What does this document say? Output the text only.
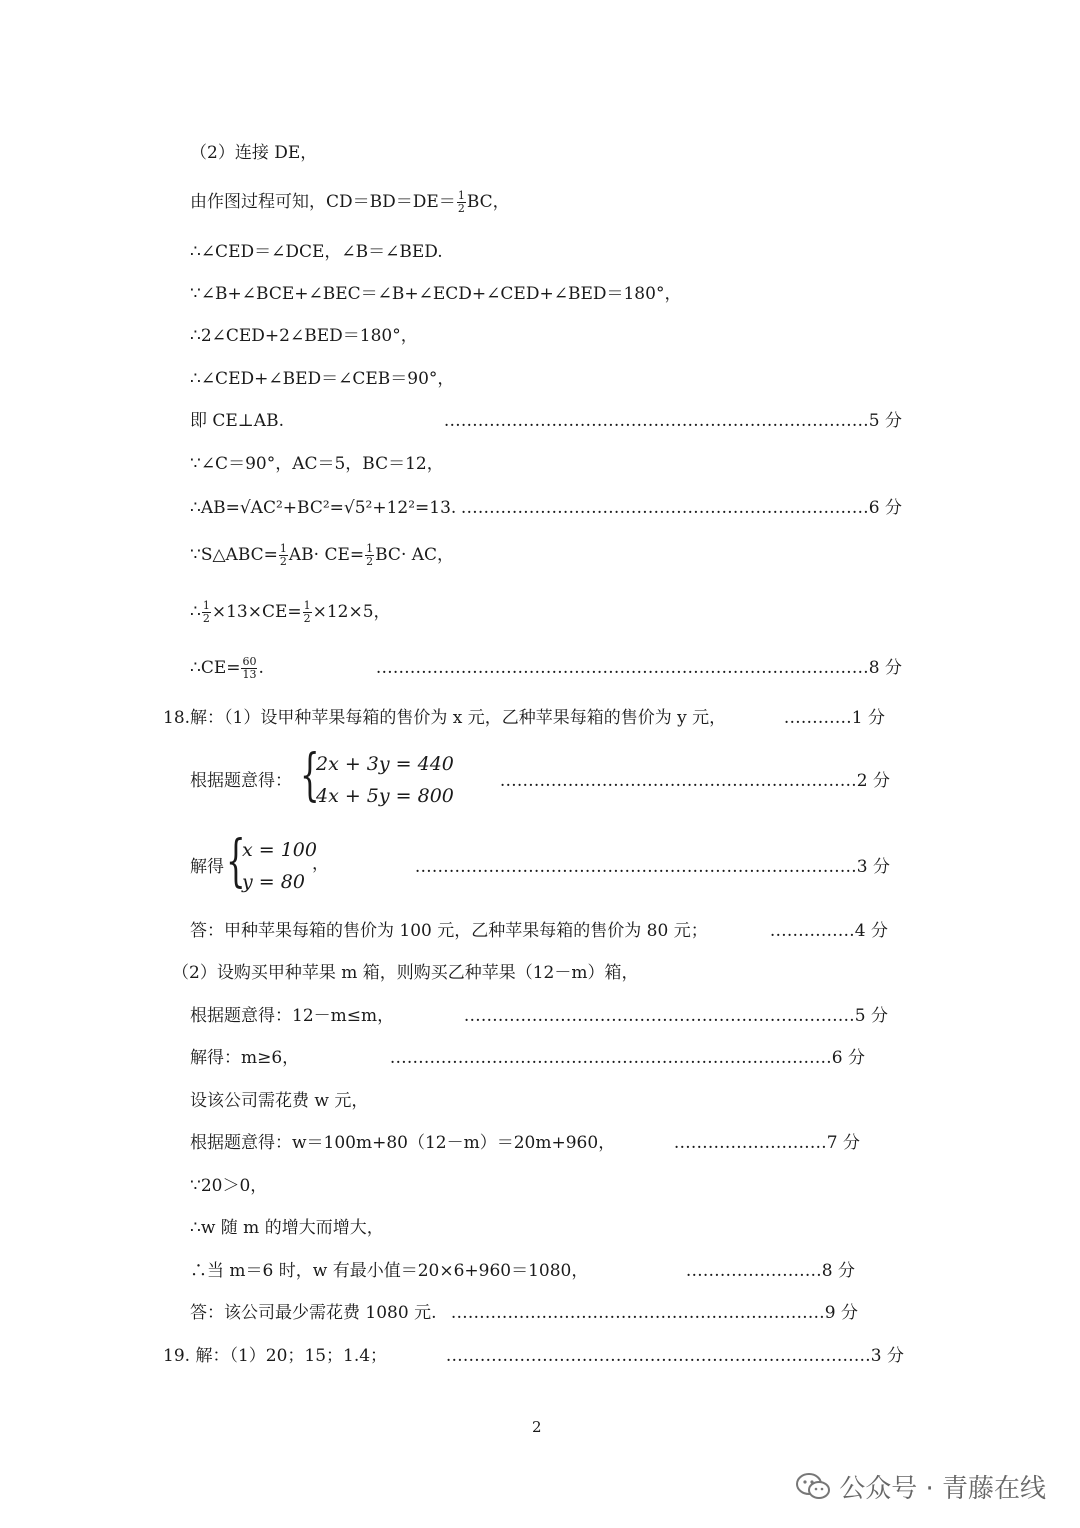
（2）连接 DE，
由作图过程可知，$CD=BD=DE= \frac{1}{2}$ BC，
∴∠CED＝∠DCE，∠B＝∠BED.
∵∠B+∠BCE+∠BEC＝∠B+∠ECD+∠CED+∠BED＝180°，
∴2∠CED+2∠BED＝180°，
∴∠CED+∠BED＝∠CEB＝90°，
即 CE⊥AB.	…………………………………………………………………5 分
∵∠C＝90°，AC＝5，BC＝12，
∴AB=√AC²+BC²=√5²+12²=13. ………………………………………………………………6 分
∵S△ABC= $\frac{1}{2} AB\cdot CE= \frac{1}{2} BC\cdot$ AC，
∴ $\frac{1}{2} \times 13\times CE= \frac{1}{2} \times 12\times 5$，
∴CE= $\frac{60}{13}$ .	……………………………………………………………………………8 分
18.解：（1）设甲种苹果每箱的售价为 x 元，乙种苹果每箱的售价为 y 元，	…………1 分
根据题意得： {
2x + 3y = 440
4x + 5y = 800
………………………………………………………2 分
解得 {
x = 100
y = 80
，	……………………………………………………………………3 分
答：甲种苹果每箱的售价为 100 元，乙种苹果每箱的售价为 80 元；	……………4 分
（2）设购买甲种苹果 m 箱，则购买乙种苹果（12－m）箱，
根据题意得：12－m≤m，	……………………………………………………………5 分
解得：m≥6，	……………………………………………………………………6 分
设该公司需花费 w 元，
根据题意得：w＝100m+80（12－m）＝20m+960，	………………………7 分
∵20＞0，
∴w 随 m 的增大而增大，
∴当 m＝6 时，w 有最小值＝20×6+960＝1080，	……………………8 分
答：该公司最少需花费 1080 元. …………………………………………………………9 分
19. 解：（1）20；15；1.4；	…………………………………………………………………3 分
2
公众号 · 青藤在线
